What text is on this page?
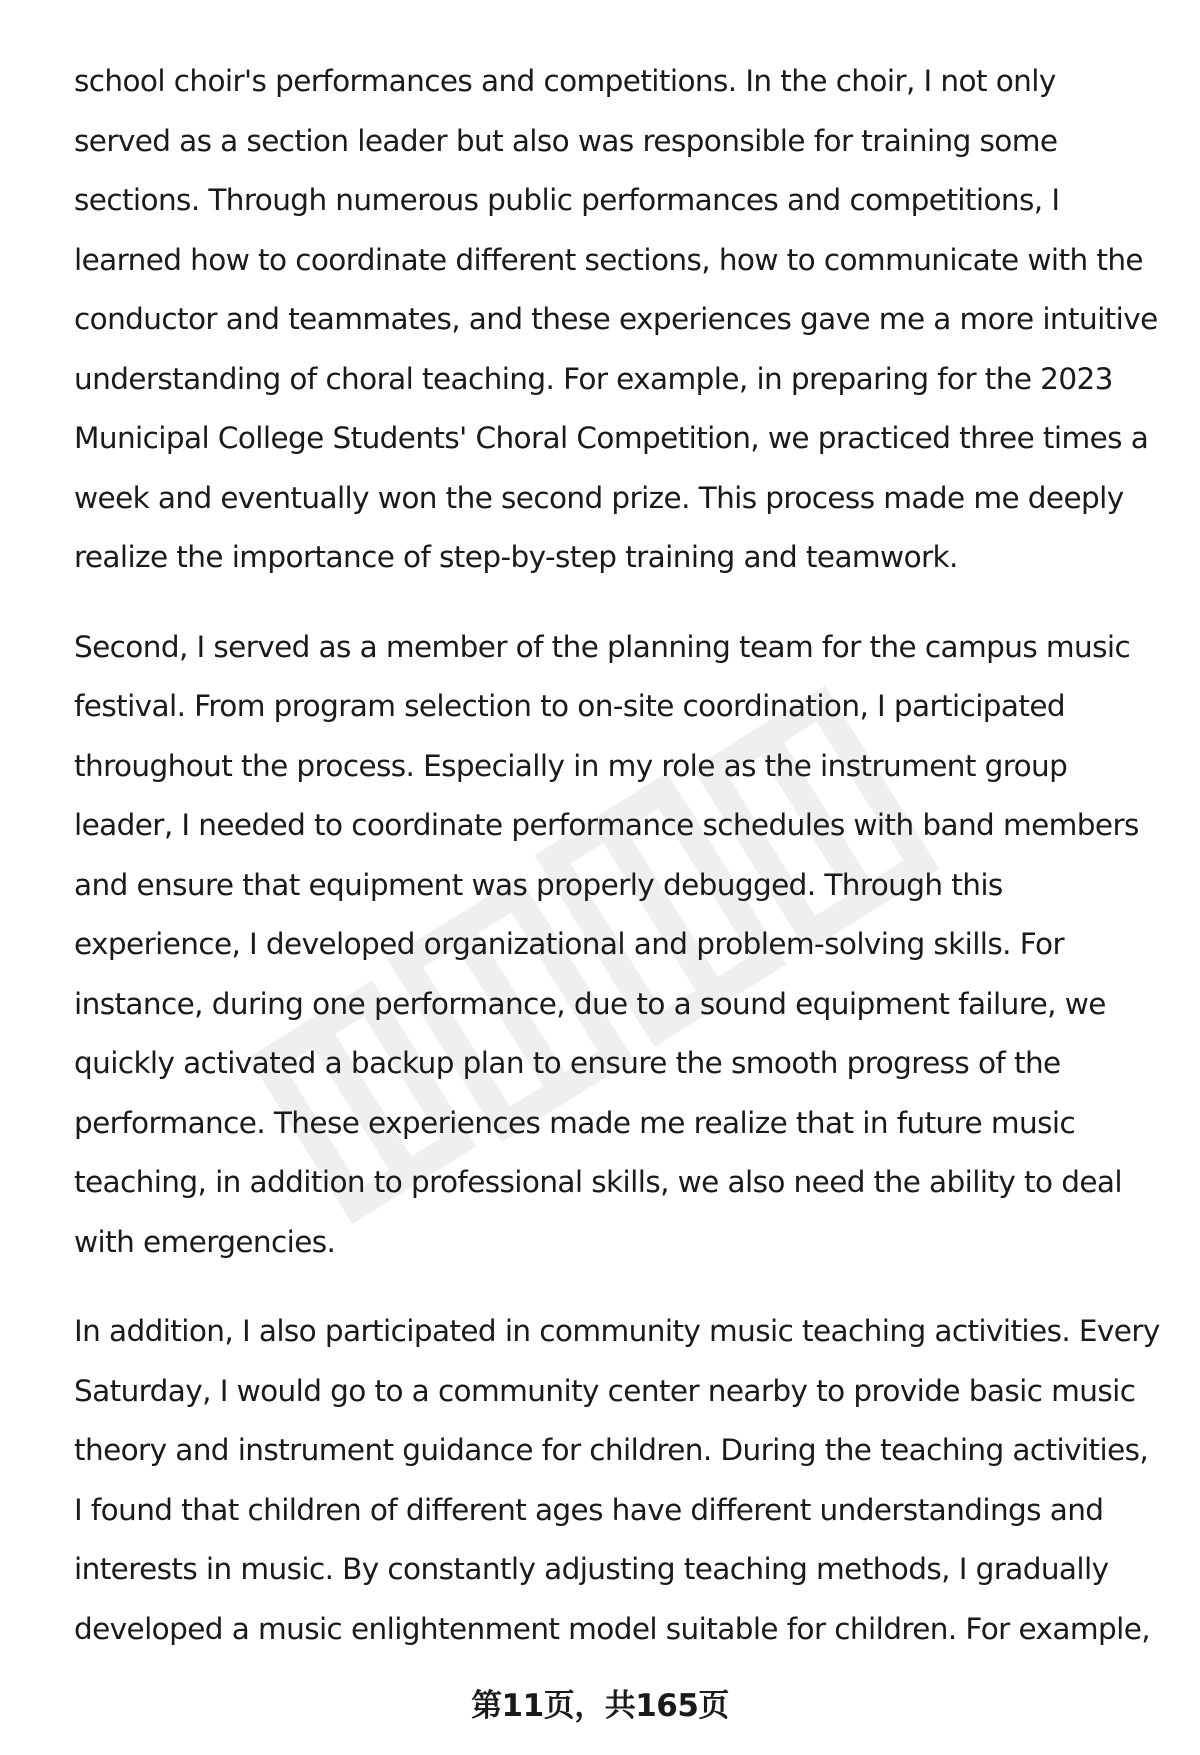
school choir's performances and competitions. In the choir, I not only
served as a section leader but also was responsible for training some
sections. Through numerous public performances and competitions, I
learned how to coordinate different sections, how to communicate with the
conductor and teammates, and these experiences gave me a more intuitive
understanding of choral teaching. For example, in preparing for the 2023
Municipal College Students' Choral Competition, we practiced three times a
week and eventually won the second prize. This process made me deeply
realize the importance of step-by-step training and teamwork.

Second, I served as a member of the planning team for the campus music
festival. From program selection to on-site coordination, I participated
throughout the process. Especially in my role as the instrument group
leader, I needed to coordinate performance schedules with band members
and ensure that equipment was properly debugged. Through this
experience, I developed organizational and problem-solving skills. For
instance, during one performance, due to a sound equipment failure, we
quickly activated a backup plan to ensure the smooth progress of the
performance. These experiences made me realize that in future music
teaching, in addition to professional skills, we also need the ability to deal
with emergencies.

In addition, I also participated in community music teaching activities. Every
Saturday, I would go to a community center nearby to provide basic music
theory and instrument guidance for children. During the teaching activities,
I found that children of different ages have different understandings and
interests in music. By constantly adjusting teaching methods, I gradually
developed a music enlightenment model suitable for children. For example,

第11页，共165页
